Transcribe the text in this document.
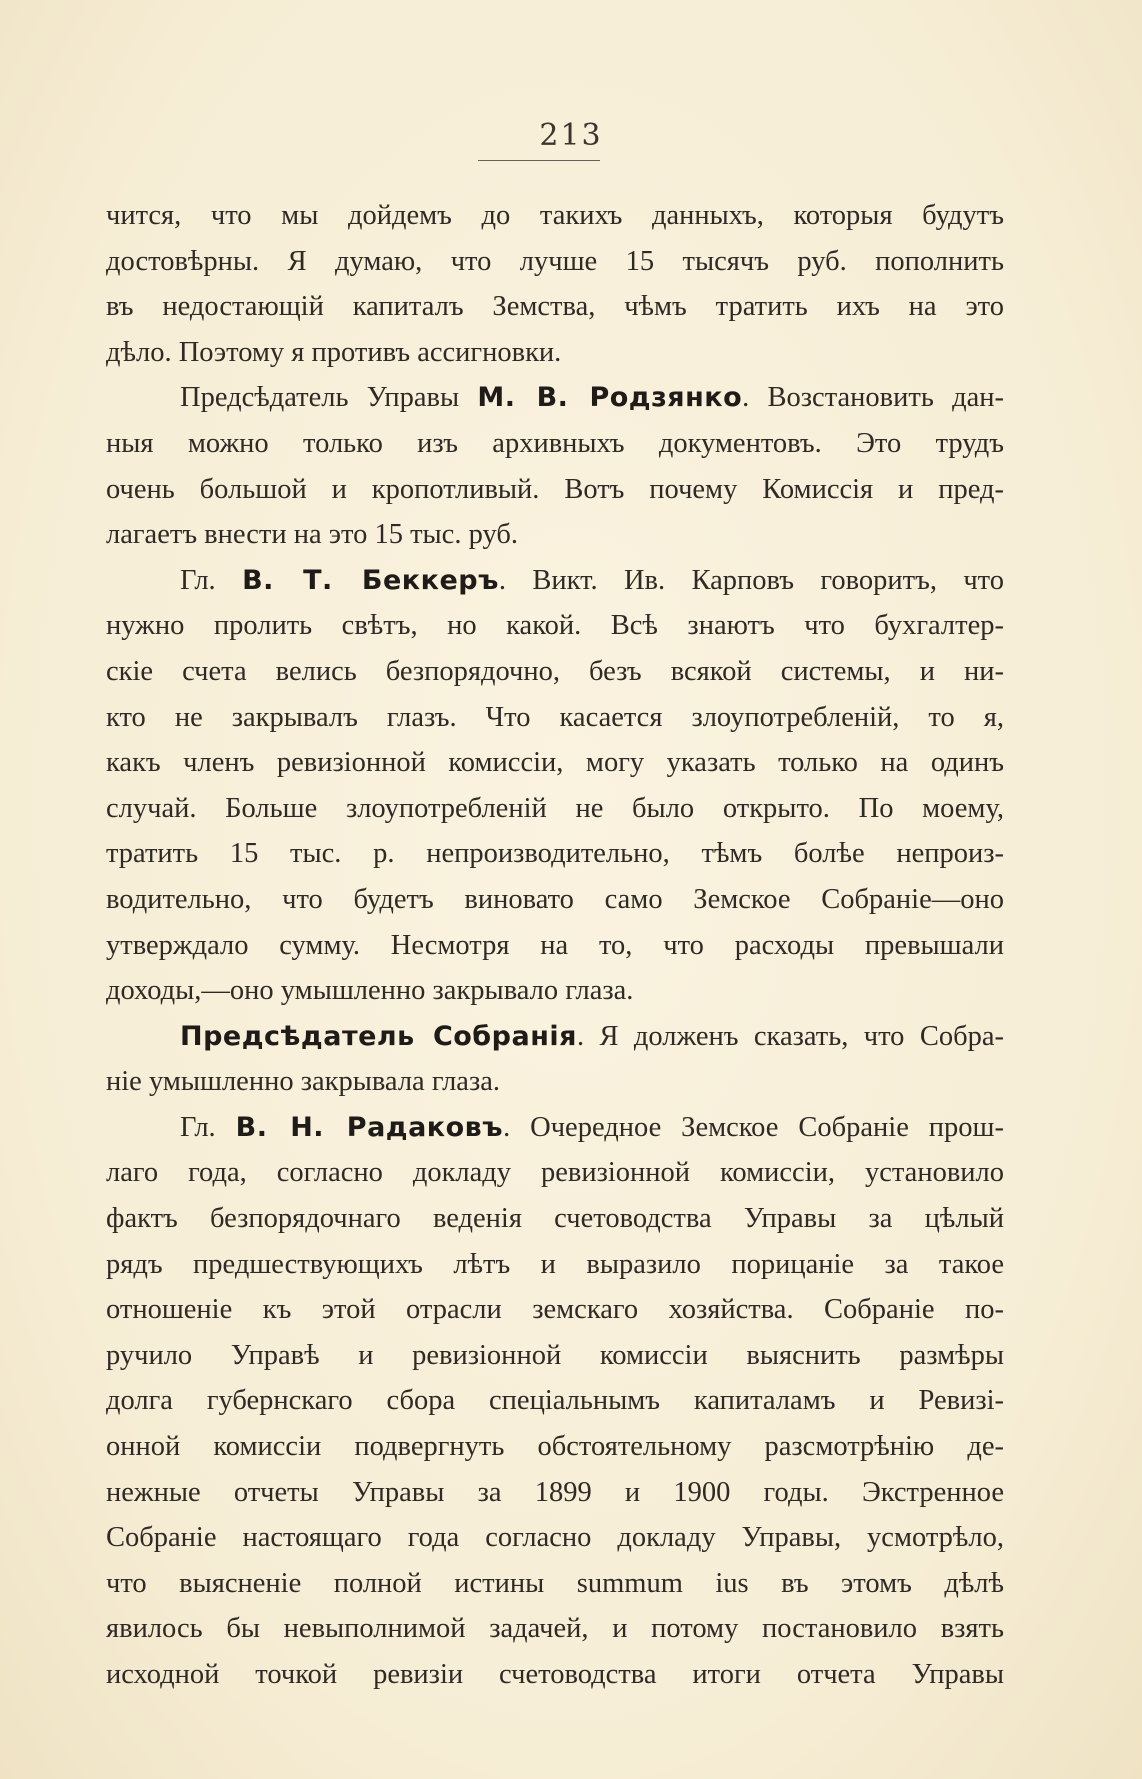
213
чится, что мы дойдемъ до такихъ данныхъ, которыя будутъ
достовѣрны. Я думаю, что лучше 15 тысячъ руб. пополнить
въ недостающій капиталъ Земства, чѣмъ тратить ихъ на это
дѣло. Поэтому я противъ ассигновки.
Предсѣдатель Управы М. В. Родзянко. Возстановить дан-
ныя можно только изъ архивныхъ документовъ. Это трудъ
очень большой и кропотливый. Вотъ почему Комиссія и пред-
лагаетъ внести на это 15 тыс. руб.
Гл. В. Т. Беккеръ. Викт. Ив. Карповъ говоритъ, что
нужно пролить свѣтъ, но какой. Всѣ знаютъ что бухгалтер-
скіе счета велись безпорядочно, безъ всякой системы, и ни-
кто не закрывалъ глазъ. Что касается злоупотребленій, то я,
какъ членъ ревизіонной комиссіи, могу указать только на одинъ
случай. Больше злоупотребленій не было открыто. По моему,
тратить 15 тыс. р. непроизводительно, тѣмъ болѣе непроиз-
водительно, что будетъ виновато само Земское Собраніе—оно
утверждало сумму. Несмотря на то, что расходы превышали
доходы,—оно умышленно закрывало глаза.
Предсѣдатель Собранія. Я долженъ сказать, что Собра-
ніе умышленно закрывала глаза.
Гл. В. Н. Радаковъ. Очередное Земское Собраніе прош-
лаго года, согласно докладу ревизіонной комиссіи, установило
фактъ безпорядочнаго веденія счетоводства Управы за цѣлый
рядъ предшествующихъ лѣтъ и выразило порицаніе за такое
отношеніе къ этой отрасли земскаго хозяйства. Собраніе по-
ручило Управѣ и ревизіонной комиссіи выяснить размѣры
долга губернскаго сбора спеціальнымъ капиталамъ и Ревизі-
онной комиссіи подвергнуть обстоятельному разсмотрѣнію де-
нежные отчеты Управы за 1899 и 1900 годы. Экстренное
Собраніе настоящаго года согласно докладу Управы, усмотрѣло,
что выясненіе полной истины summum ius въ этомъ дѣлѣ
явилось бы невыполнимой задачей, и потому постановило взять
исходной точкой ревизіи счетоводства итоги отчета Управы
